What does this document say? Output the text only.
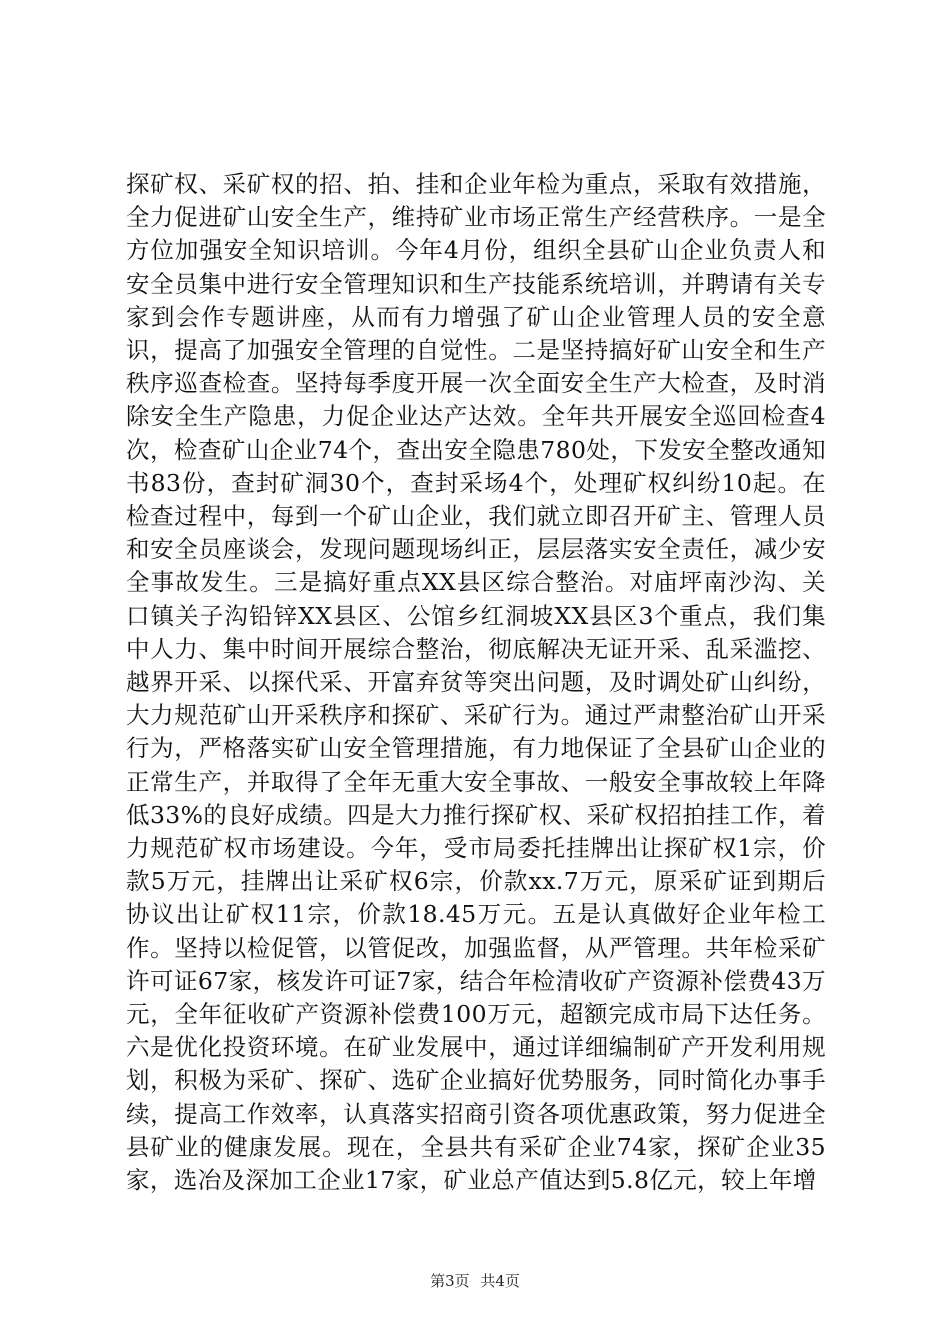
探矿权、采矿权的招、拍、挂和企业年检为重点，采取有效措施，全力促进矿山安全生产，维持矿业市场正常生产经营秩序。一是全方位加强安全知识培训。今年4月份，组织全县矿山企业负责人和安全员集中进行安全管理知识和生产技能系统培训，并聘请有关专家到会作专题讲座，从而有力增强了矿山企业管理人员的安全意识，提高了加强安全管理的自觉性。二是坚持搞好矿山安全和生产秩序巡查检查。坚持每季度开展一次全面安全生产大检查，及时消除安全生产隐患，力促企业达产达效。全年共开展安全巡回检查4次，检查矿山企业74个，查出安全隐患780处，下发安全整改通知书83份，查封矿洞30个，查封采场4个，处理矿权纠纷10起。在检查过程中，每到一个矿山企业，我们就立即召开矿主、管理人员和安全员座谈会，发现问题现场纠正，层层落实安全责任，减少安全事故发生。三是搞好重点XX县区综合整治。对庙坪南沙沟、关口镇关子沟铅锌XX县区、公馆乡红洞坡XX县区3个重点，我们集中人力、集中时间开展综合整治，彻底解决无证开采、乱采滥挖、越界开采、以探代采、开富弃贫等突出问题，及时调处矿山纠纷，大力规范矿山开采秩序和探矿、采矿行为。通过严肃整治矿山开采行为，严格落实矿山安全管理措施，有力地保证了全县矿山企业的正常生产，并取得了全年无重大安全事故、一般安全事故较上年降低33%的良好成绩。四是大力推行探矿权、采矿权招拍挂工作，着力规范矿权市场建设。今年，受市局委托挂牌出让探矿权1宗，价款5万元，挂牌出让采矿权6宗，价款xx.7万元，原采矿证到期后协议出让矿权11宗，价款18.45万元。五是认真做好企业年检工作。坚持以检促管，以管促改，加强监督，从严管理。共年检采矿许可证67家，核发许可证7家，结合年检清收矿产资源补偿费43万元，全年征收矿产资源补偿费100万元，超额完成市局下达任务。六是优化投资环境。在矿业发展中，通过详细编制矿产开发利用规划，积极为采矿、探矿、选矿企业搞好优势服务，同时简化办事手续，提高工作效率，认真落实招商引资各项优惠政策，努力促进全县矿业的健康发展。现在，全县共有采矿企业74家，探矿企业35家，选冶及深加工企业17家，矿业总产值达到5.8亿元，较上年增

第3页 共4页
